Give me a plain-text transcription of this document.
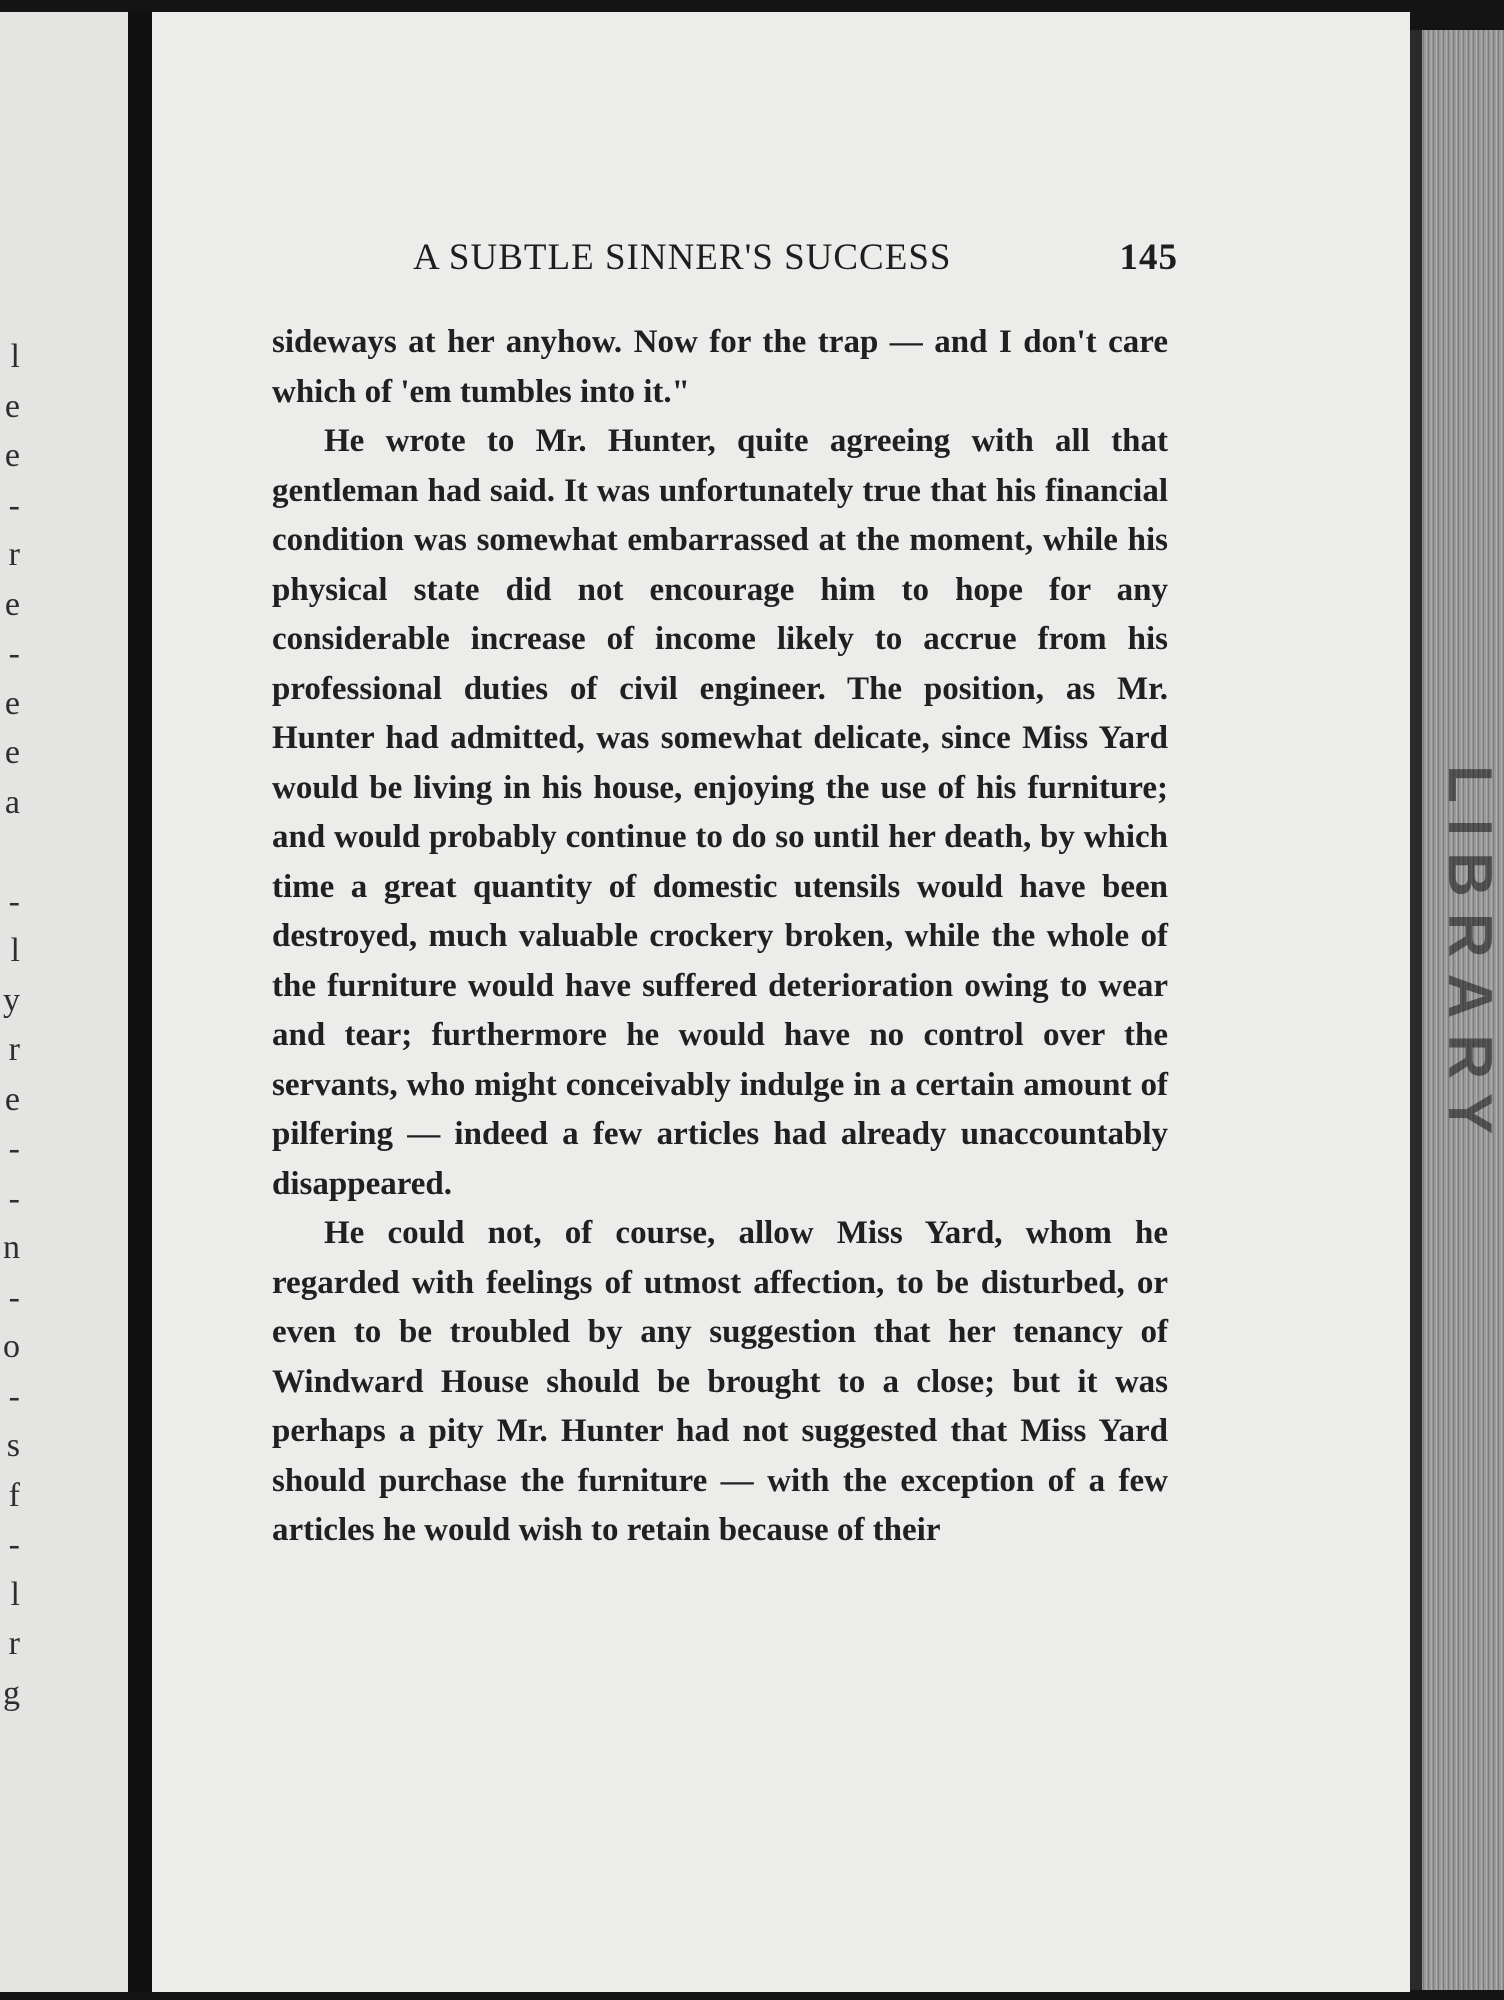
l
e
e
-
r
e
-
e
e
a

-
l
y
r
e
-
-
n
-
o
-
s
f
-
l
r
g
LIBRARY
A SUBTLE SINNER'S SUCCESS	145

sideways at her anyhow. Now for the trap — and I don't care which of 'em tumbles into it."

He wrote to Mr. Hunter, quite agreeing with all that gentleman had said. It was unfortunately true that his financial condition was somewhat embarrassed at the moment, while his physical state did not encourage him to hope for any considerable increase of income likely to accrue from his professional duties of civil engineer. The position, as Mr. Hunter had admitted, was somewhat delicate, since Miss Yard would be living in his house, enjoying the use of his furniture; and would probably continue to do so until her death, by which time a great quantity of domestic utensils would have been destroyed, much valuable crockery broken, while the whole of the furniture would have suffered deterioration owing to wear and tear; furthermore he would have no control over the servants, who might conceivably indulge in a certain amount of pilfering — indeed a few articles had already unaccountably disappeared.

He could not, of course, allow Miss Yard, whom he regarded with feelings of utmost affection, to be disturbed, or even to be troubled by any suggestion that her tenancy of Windward House should be brought to a close; but it was perhaps a pity Mr. Hunter had not suggested that Miss Yard should purchase the furniture — with the exception of a few articles he would wish to retain because of their
